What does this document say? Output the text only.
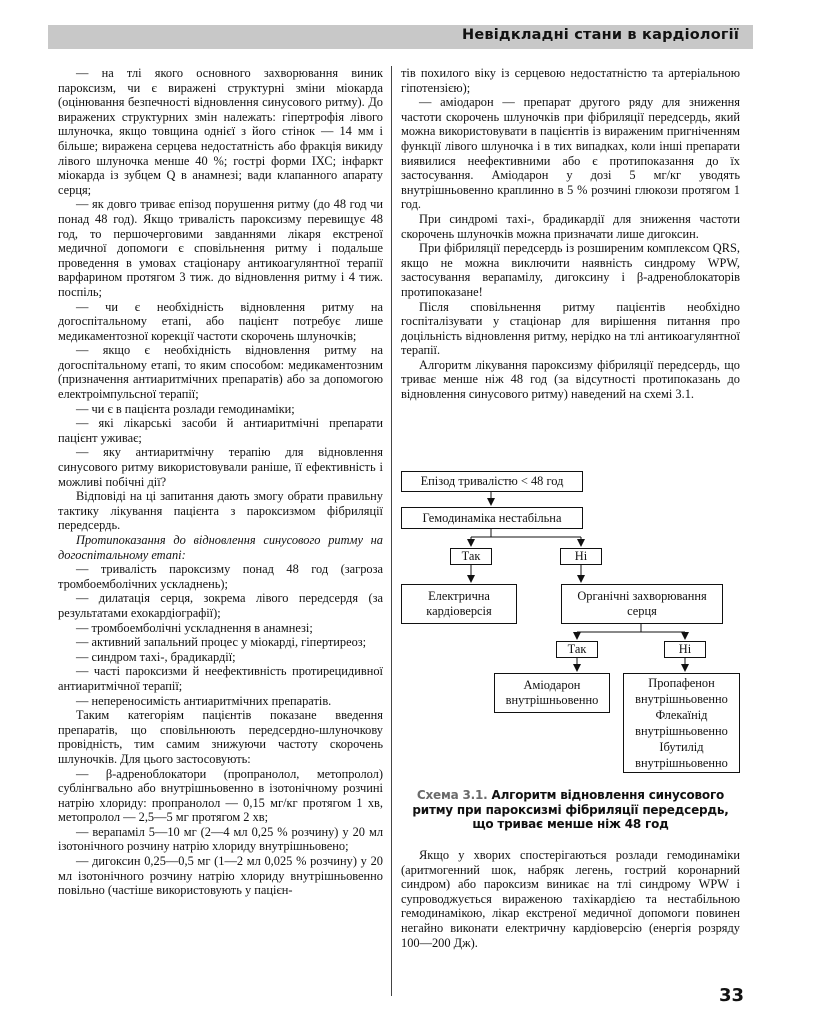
Невідкладні стани в кардіології

— на тлі якого основного захворювання виник пароксизм, чи є виражені структурні зміни міокарда (оцінювання безпечності відновлення синусового ритму). До виражених структурних змін належать: гіпертрофія лівого шлуночка, якщо товщина однієї з його стінок — 14 мм і більше; виражена серцева недостатність або фракція викиду лівого шлуночка менше 40 %; гострі форми ІХС; інфаркт міокарда із зубцем Q в анамнезі; вади клапанного апарату серця;

— як довго триває епізод порушення ритму (до 48 год чи понад 48 год). Якщо тривалість пароксизму перевищує 48 год, то першочерговими завданнями лікаря екстреної медичної допомоги є сповільнення ритму і подальше проведення в умовах стаціонару антикоагулянтної терапії варфарином протягом 3 тиж. до відновлення ритму і 4 тиж. поспіль;

— чи є необхідність відновлення ритму на догоспітальному етапі, або пацієнт потребує лише медикаментозної корекції частоти скорочень шлуночків;

— якщо є необхідність відновлення ритму на догоспітальному етапі, то яким способом: медикаментозним (призначення антиаритмічних препаратів) або за допомогою електроімпульсної терапії;

— чи є в пацієнта розлади гемодинаміки;

— які лікарські засоби й антиаритмічні препарати пацієнт уживає;

— яку антиаритмічну терапію для відновлення синусового ритму використовували раніше, її ефективність і можливі побічні дії?

Відповіді на ці запитання дають змогу обрати правильну тактику лікування пацієнта з пароксизмом фібриляції передсердь.

Протипоказання до відновлення синусового ритму на догоспітальному етапі:

— тривалість пароксизму понад 48 год (загроза тромбоемболічних ускладнень);

— дилатація серця, зокрема лівого передсердя (за результатами ехокардіографії);

— тромбоемболічні ускладнення в анамнезі;

— активний запальний процес у міокарді, гіпертиреоз;

— синдром тахі-, брадикардії;

— часті пароксизми й неефективність протирецидивної антиаритмічної терапії;

— непереносимість антиаритмічних препаратів.

Таким категоріям пацієнтів показане введення препаратів, що сповільнюють передсердно-шлуночкову провідність, тим самим знижуючи частоту скорочень шлуночків. Для цього застосовують:

— β-адреноблокатори (пропранолол, метопролол) сублінгвально або внутрішньовенно в ізотонічному розчині натрію хлориду: пропранолол — 0,15 мг/кг протягом 1 хв, метопролол — 2,5—5 мг протягом 2 хв;

— верапаміл 5—10 мг (2—4 мл 0,25 % розчину) у 20 мл ізотонічного розчину натрію хлориду внутрішньовено;

— дигоксин 0,25—0,5 мг (1—2 мл 0,025 % розчину) у 20 мл ізотонічного розчину натрію хлориду внутрішньовенно повільно (частіше використовують у пацієн-

тів похилого віку із серцевою недостатністю та артеріальною гіпотензією);

— аміодарон — препарат другого ряду для зниження частоти скорочень шлуночків при фібриляції передсердь, який можна використовувати в пацієнтів із вираженим пригніченням функції лівого шлуночка і в тих випадках, коли інші препарати виявилися неефективними або є протипоказання до їх застосування. Аміодарон у дозі 5 мг/кг уводять внутрішньовенно краплинно в 5 % розчині глюкози протягом 1 год.

При синдромі тахі-, брадикардії для зниження частоти скорочень шлуночків можна призначати лише дигоксин.

При фібриляції передсердь із розширеним комплексом QRS, якщо не можна виключити наявність синдрому WPW, застосування верапамілу, дигоксину і β-адреноблокаторів протипоказане!

Після сповільнення ритму пацієнтів необхідно госпіталізувати у стаціонар для вирішення питання про доцільність відновлення ритму, нерідко на тлі антикоагулянтної терапії.

Алгоритм лікування пароксизму фібриляції передсердь, що триває менше ніж 48 год (за відсутності протипоказань до відновлення синусового ритму) наведений на схемі 3.1.

Епізод тривалістю < 48 год
Гемодинаміка нестабільна
Так	Ні
Електрична
кардіоверсія
Органічні захворювання
серця
Так	Ні
Аміодарон
внутрішньовенно
Пропафенон
внутрішньовенно
Флекаїнід
внутрішньовенно
Ібутилід
внутрішньовенно
Схема 3.1. Алгоритм відновлення синусового ритму при пароксизмі фібриляції передсердь, що триває менше ніж 48 год

Якщо у хворих спостерігаються розлади гемодинаміки (аритмогенний шок, набряк легень, гострий коронарний синдром) або пароксизм виникає на тлі синдрому WPW і супроводжується вираженою тахікардією та нестабільною гемодинамікою, лікар екстреної медичної допомоги повинен негайно виконати електричну кардіоверсію (енергія розряду 100—200 Дж).

33
